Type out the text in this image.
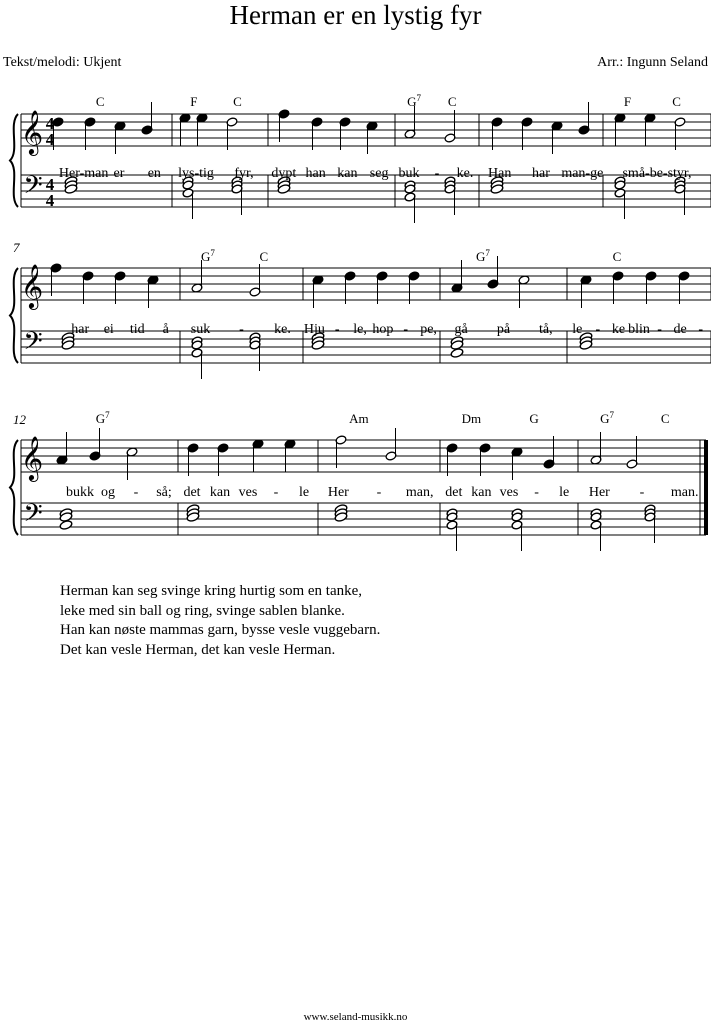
Herman er en lystig fyr
Tekst/melodi: Ukjent	Arr.: Ingunn Seland
𝄞
𝄢
4
4
4
4
C
Her-man er en
F	C
lys-tig fyr, dypt han kan seg
$G^7$ C
buk - ke. Han har man-ge
F	C
små-be-styr,
𝄞
𝄢
7
har ei tid å
$G^7$	C
suk - ke. Hju - le, hop - pe,
$G^7$
gå på tå,
C
le - ke blin - de -
𝄞
𝄢
12	$G^7$
bukk og - så; det kan ves - le
Am
Her - man,
Dm	G
det kan ves - le
$G^7$	C
Her - man.
Herman kan seg svinge kring hurtig som en tanke,
leke med sin ball og ring, svinge sablen blanke.
Han kan nøste mammas garn, bysse vesle vuggebarn.
Det kan vesle Herman, det kan vesle Herman.
www.seland-musikk.no
